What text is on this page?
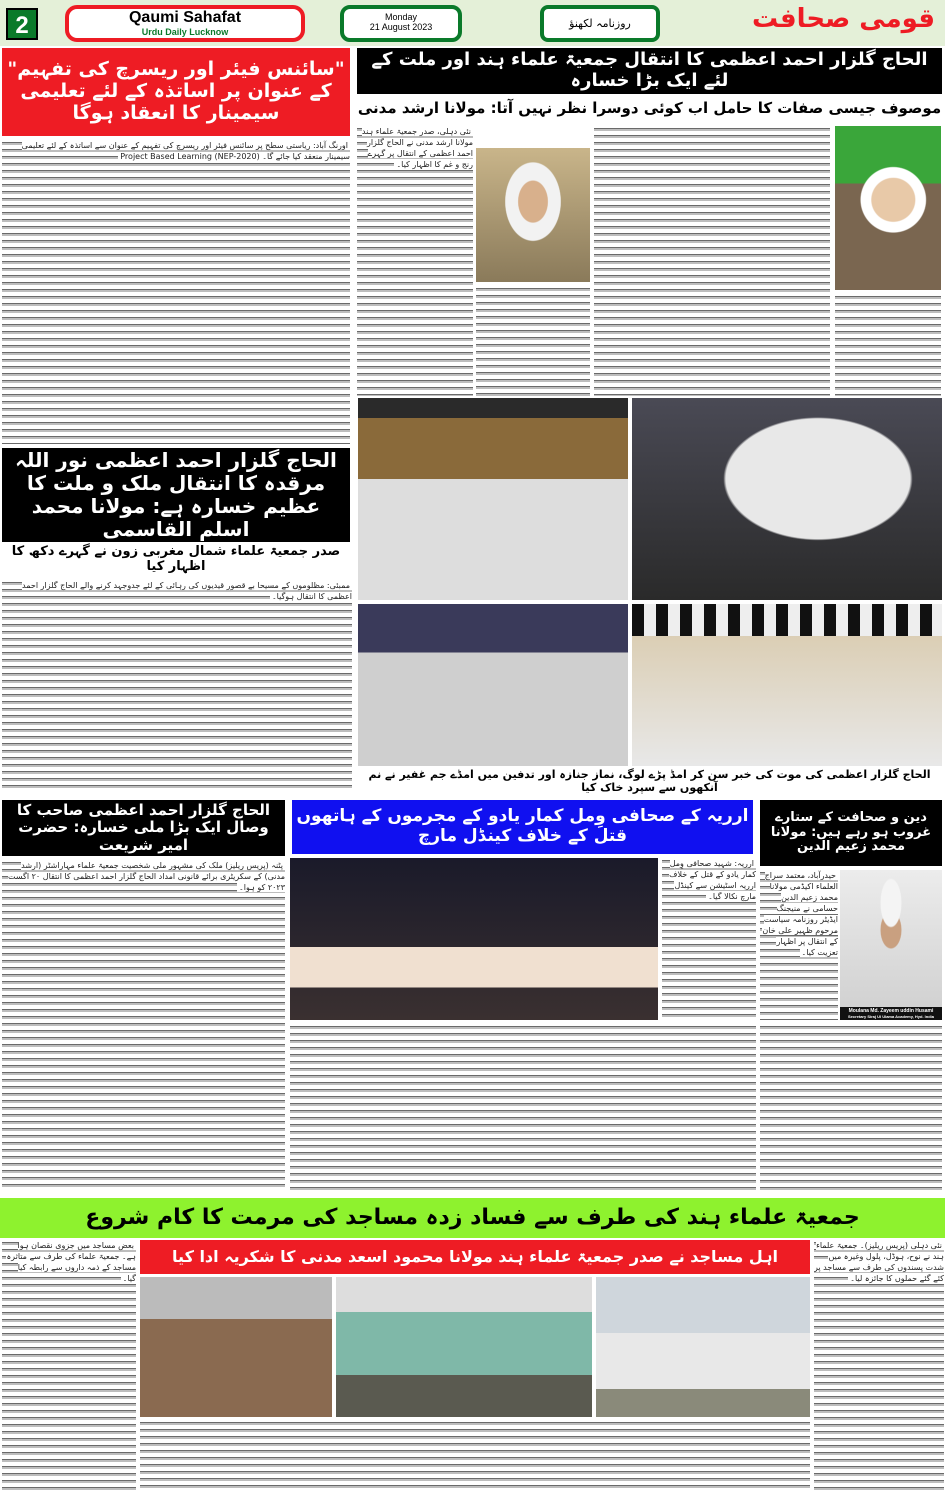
2	Qaumi Sahafat
Urdu Daily Lucknow
Monday
21 August 2023	روزنامہ لکھنؤ	قومی صحافت
"سائنس فیئر اور ریسرچ کی تفہیم" کے عنوان پر اساتذہ کے لئے تعلیمی سیمینار کا انعقاد ہوگا
اورنگ آباد: ریاستی سطح پر سائنس فیئر اور ریسرچ کی تفہیم کے عنوان سے اساتذہ کے لئے تعلیمی سیمینار منعقد کیا جائے گا۔ Project Based Learning (NEP-2020)
الحاج گلزار احمد اعظمی کا انتقال جمعیۃ علماء ہند اور ملت کے لئے ایک بڑا خسارہ
موصوف جیسی صفات کا حامل اب کوئی دوسرا نظر نہیں آتا: مولانا ارشد مدنی
نئی دہلی، صدر جمعیۃ علماء ہند مولانا ارشد مدنی نے الحاج گلزار احمد اعظمی کے انتقال پر گہرے رنج و غم کا اظہار کیا۔
الحاج گلزار اعظمی کی موت کی خبر سن کر امڈ پڑے لوگ، نماز جنازہ اور تدفین میں امڈے جم غفیر نے نم آنکھوں سے سپرد خاک کیا
الحاج گلزار احمد اعظمی نور اللہ مرقدہ کا انتقال ملک و ملت کا عظیم خسارہ ہے: مولانا محمد اسلم القاسمی
صدر جمعیۃ علماء شمال مغربی زون نے گہرے دکھ کا اظہار کیا
ممبئی: مظلوموں کے مسیحا بے قصور قیدیوں کی رہائی کے لئے جدوجہد کرنے والے الحاج گلزار احمد اعظمی کا انتقال ہوگیا۔
الحاج گلزار احمد اعظمی صاحب کا وصال ایک بڑا ملی خسارہ: حضرت امیر شریعت
پٹنہ (پریس ریلیز) ملک کی مشہور ملی شخصیت جمعیۃ علماء مہاراشٹر (ارشد مدنی) کے سکریٹری برائے قانونی امداد الحاج گلزار احمد اعظمی کا انتقال ۲۰ اگست ۲۰۲۳ کو ہوا۔
ارریہ کے صحافی وِمل کمار یادو کے مجرموں کے ہاتھوں قتل کے خلاف کینڈل مارچ
ارریہ: شہید صحافی وِمل کمار یادو کے قتل کے خلاف ارریہ اسٹیشن سے کینڈل مارچ نکالا گیا۔
دین و صحافت کے ستارے غروب ہو رہے ہیں: مولانا محمد زعیم الدین
حیدرآباد، معتمد سراج العلماء اکیڈمی مولانا محمد زعیم الدین حسامی نے منیجنگ ایڈیٹر روزنامہ سیاست مرحوم ظہیر علی خان کے انتقال پر اظہار تعزیت کیا۔
Moulana Md. Zayeem uddin Husami
Secretary Siraj Ul Ulama Academy, Hyd. India
جمعیۃ علماء ہند کی طرف سے فساد زدہ مساجد کی مرمت کا کام شروع
اہل مساجد نے صدر جمعیۃ علماء ہند مولانا محمود اسعد مدنی کا شکریہ ادا کیا
بعض مساجد میں جزوی نقصان ہوا ہے۔ جمعیۃ علماء کی طرف سے متاثرہ مساجد کے ذمہ داروں سے رابطہ کیا گیا۔
نئی دہلی (پریس ریلیز)۔ جمعیۃ علماء ہند نے نوح، ہوڈل، پلول وغیرہ میں شدت پسندوں کی طرف سے مساجد پر کئے گئے حملوں کا جائزہ لیا۔
